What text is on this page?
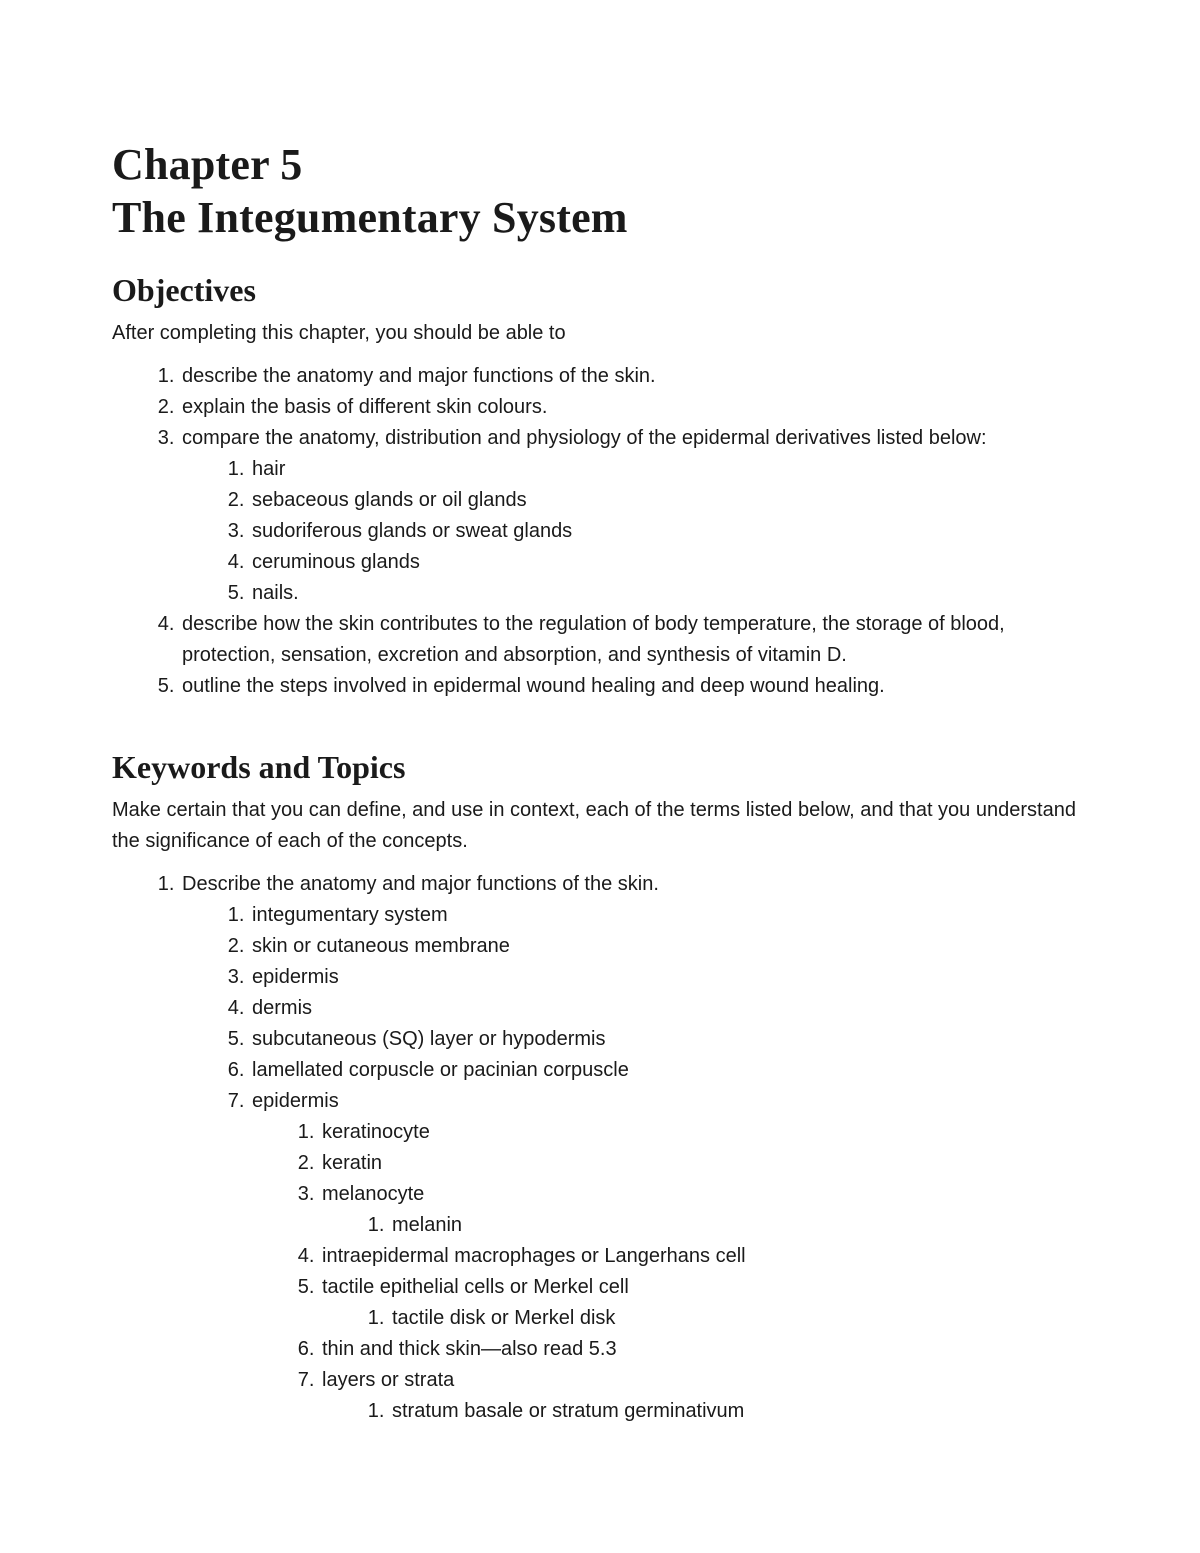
Chapter 5
The Integumentary System
Objectives

After completing this chapter, you should be able to

1. describe the anatomy and major functions of the skin.
2. explain the basis of different skin colours.
3. compare the anatomy, distribution and physiology of the epidermal derivatives listed below:
1. hair
2. sebaceous glands or oil glands
3. sudoriferous glands or sweat glands
4. ceruminous glands
5. nails.
4. describe how the skin contributes to the regulation of body temperature, the storage of blood, protection, sensation, excretion and absorption, and synthesis of vitamin D.
5. outline the steps involved in epidermal wound healing and deep wound healing.
Keywords and Topics

Make certain that you can define, and use in context, each of the terms listed below, and that you understand the significance of each of the concepts.

1. Describe the anatomy and major functions of the skin.
1. integumentary system
2. skin or cutaneous membrane
3. epidermis
4. dermis
5. subcutaneous (SQ) layer or hypodermis
6. lamellated corpuscle or pacinian corpuscle
7. epidermis
1. keratinocyte
2. keratin
3. melanocyte
1. melanin
4. intraepidermal macrophages or Langerhans cell
5. tactile epithelial cells or Merkel cell
1. tactile disk or Merkel disk
6. thin and thick skin—also read 5.3
7. layers or strata
1. stratum basale or stratum germinativum
